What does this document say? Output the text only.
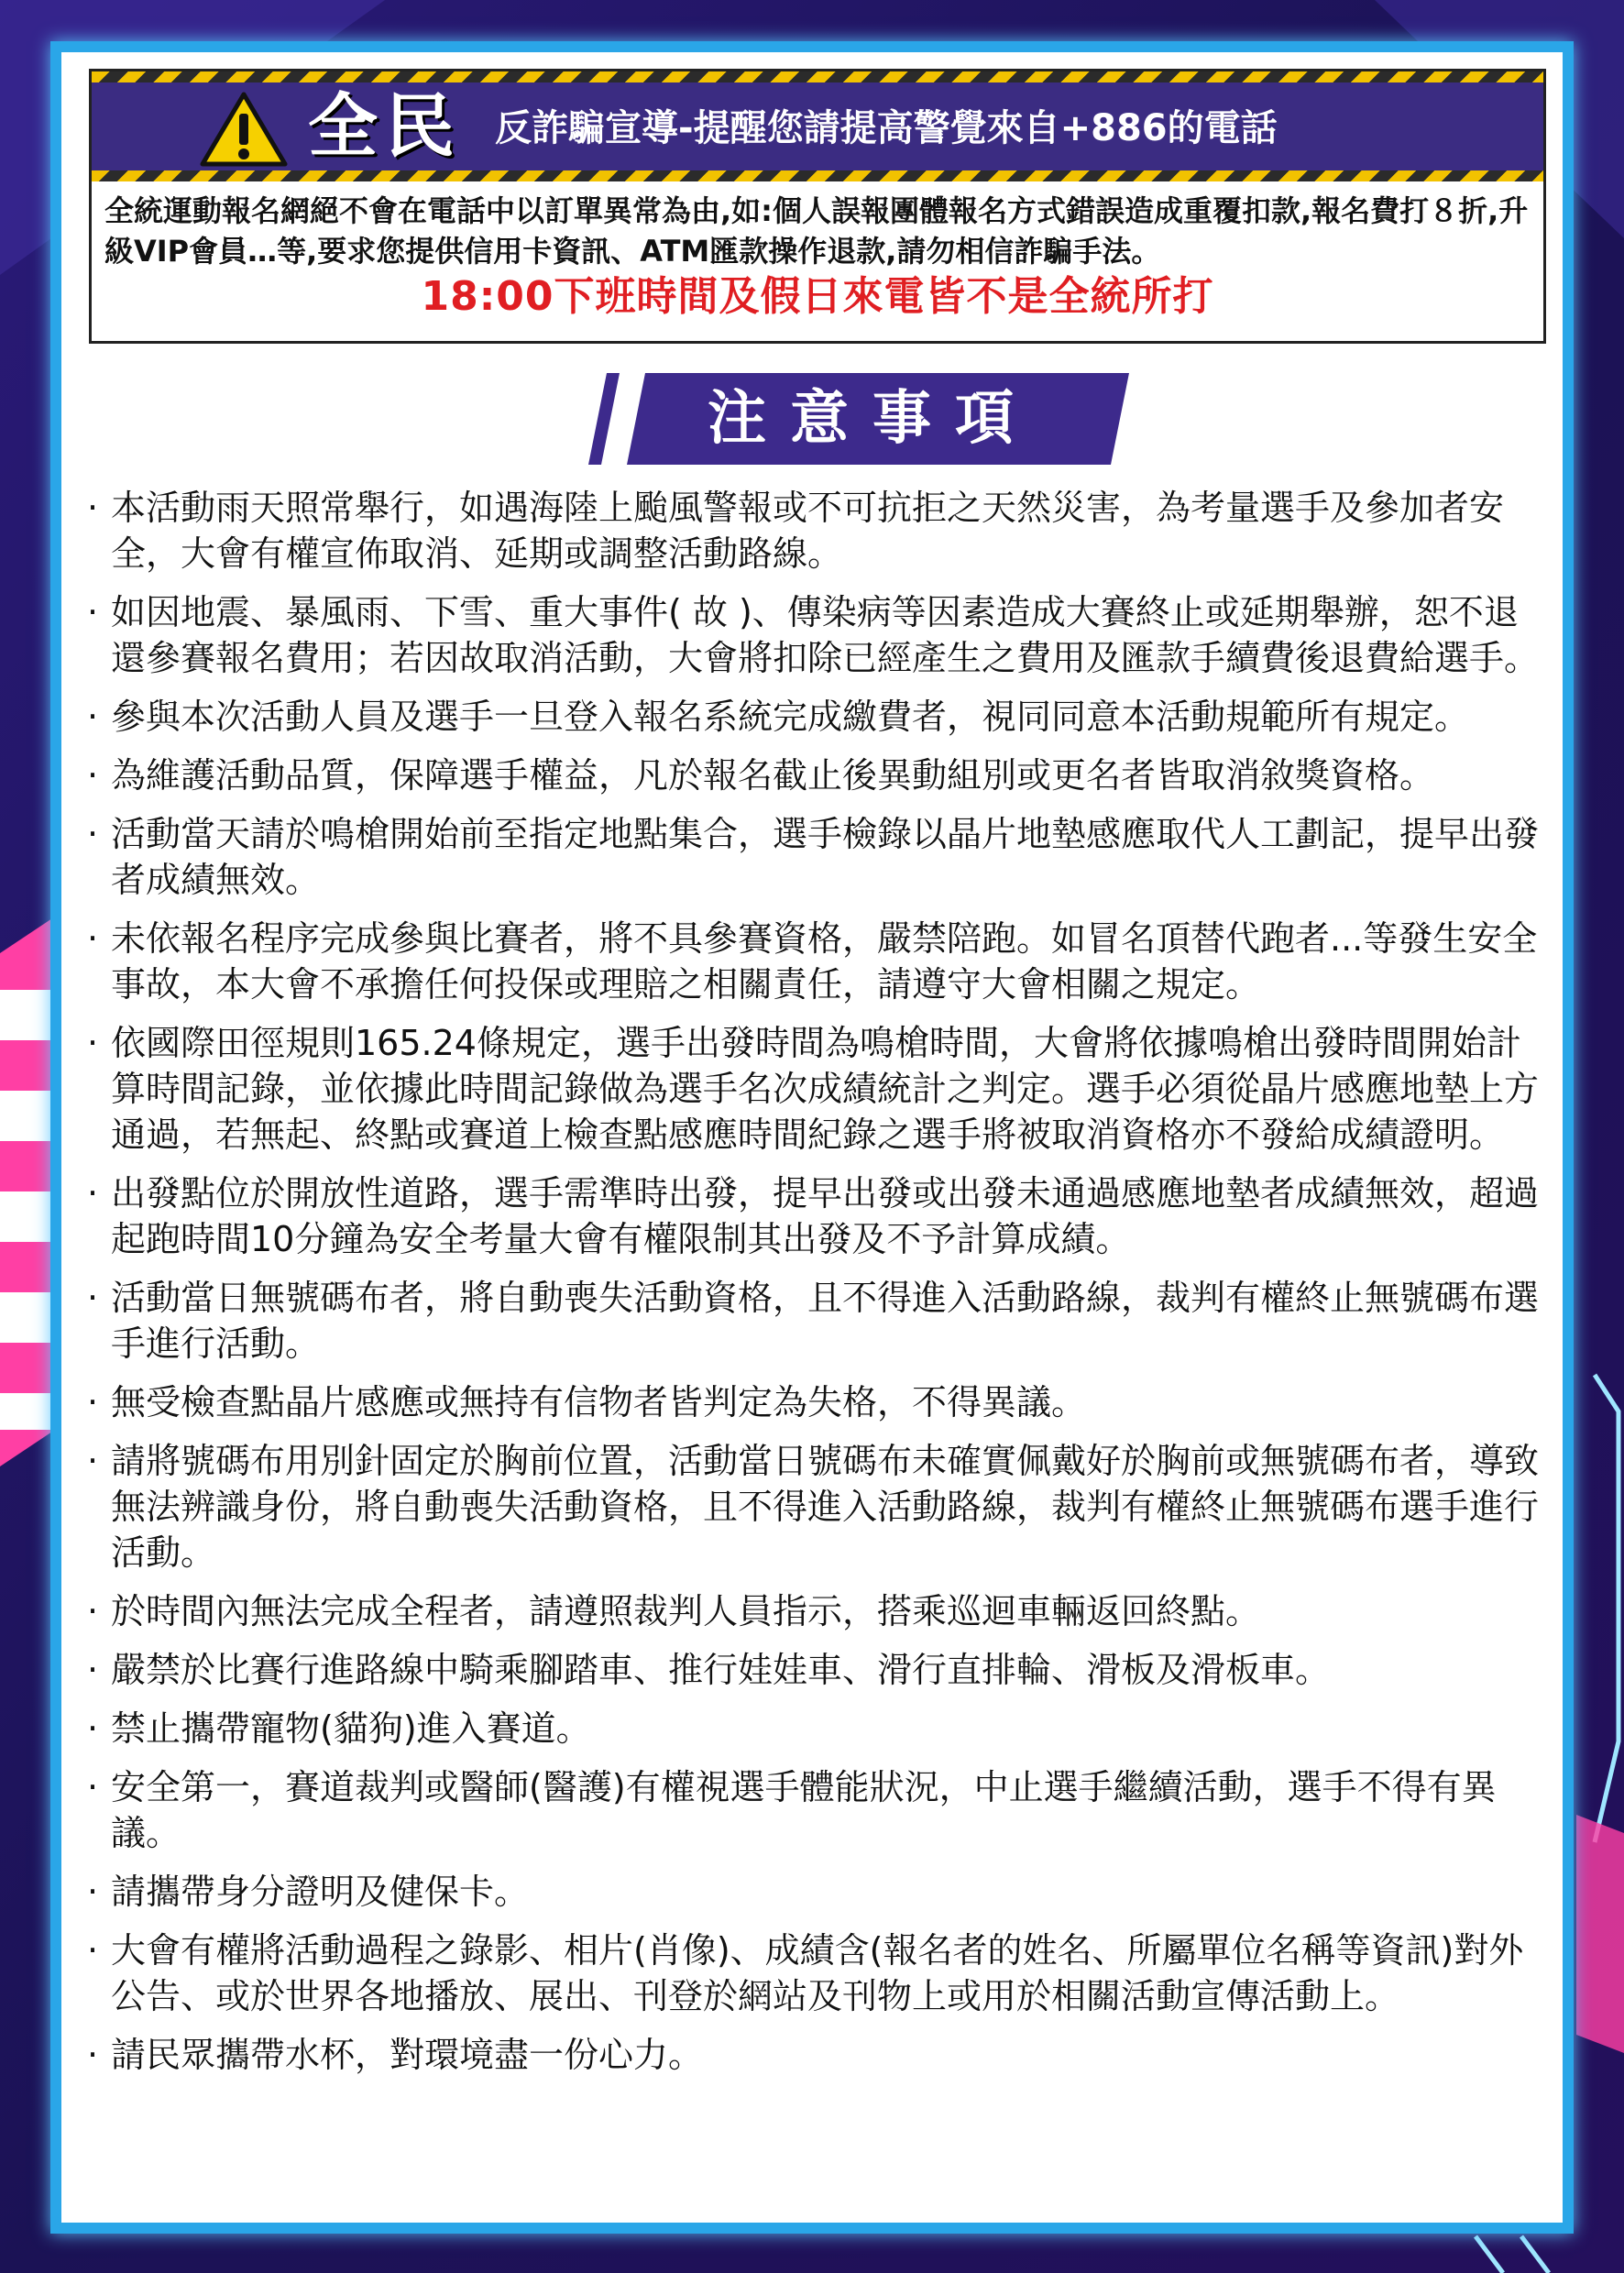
全民 反詐騙宣導-提醒您請提高警覺來自+886的電話
全統運動報名網絕不會在電話中以訂單異常為由,如:個人誤報團體報名方式錯誤造成重覆扣款,報名費打８折,升級VIP會員…等,要求您提供信用卡資訊、ATM匯款操作退款,請勿相信詐騙手法。
18:00下班時間及假日來電皆不是全統所打
注意事項
· 本活動雨天照常舉行，如遇海陸上颱風警報或不可抗拒之天然災害，為考量選手及參加者安全，大會有權宣佈取消、延期或調整活動路線。
· 如因地震、暴風雨、下雪、重大事件( 故 )、傳染病等因素造成大賽終止或延期舉辦，恕不退還參賽報名費用；若因故取消活動，大會將扣除已經產生之費用及匯款手續費後退費給選手。
· 參與本次活動人員及選手一旦登入報名系統完成繳費者，視同同意本活動規範所有規定。
· 為維護活動品質，保障選手權益，凡於報名截止後異動組別或更名者皆取消敘獎資格。
· 活動當天請於鳴槍開始前至指定地點集合，選手檢錄以晶片地墊感應取代人工劃記，提早出發者成績無效。
· 未依報名程序完成參與比賽者，將不具參賽資格，嚴禁陪跑。如冒名頂替代跑者...等發生安全事故，本大會不承擔任何投保或理賠之相關責任，請遵守大會相關之規定。
· 依國際田徑規則165.24條規定，選手出發時間為鳴槍時間，大會將依據鳴槍出發時間開始計算時間記錄，並依據此時間記錄做為選手名次成績統計之判定。選手必須從晶片感應地墊上方通過，若無起、終點或賽道上檢查點感應時間紀錄之選手將被取消資格亦不發給成績證明。
· 出發點位於開放性道路，選手需準時出發，提早出發或出發未通過感應地墊者成績無效，超過起跑時間10分鐘為安全考量大會有權限制其出發及不予計算成績。
· 活動當日無號碼布者，將自動喪失活動資格，且不得進入活動路線，裁判有權終止無號碼布選手進行活動。
· 無受檢查點晶片感應或無持有信物者皆判定為失格，不得異議。
· 請將號碼布用別針固定於胸前位置，活動當日號碼布未確實佩戴好於胸前或無號碼布者，導致無法辨識身份，將自動喪失活動資格，且不得進入活動路線，裁判有權終止無號碼布選手進行活動。
· 於時間內無法完成全程者，請遵照裁判人員指示，搭乘巡迴車輛返回終點。
· 嚴禁於比賽行進路線中騎乘腳踏車、推行娃娃車、滑行直排輪、滑板及滑板車。
· 禁止攜帶寵物(貓狗)進入賽道。
· 安全第一，賽道裁判或醫師(醫護)有權視選手體能狀況，中止選手繼續活動，選手不得有異議。
· 請攜帶身分證明及健保卡。
· 大會有權將活動過程之錄影、相片(肖像)、成績含(報名者的姓名、所屬單位名稱等資訊)對外公告、或於世界各地播放、展出、刊登於網站及刊物上或用於相關活動宣傳活動上。
· 請民眾攜帶水杯，對環境盡一份心力。
